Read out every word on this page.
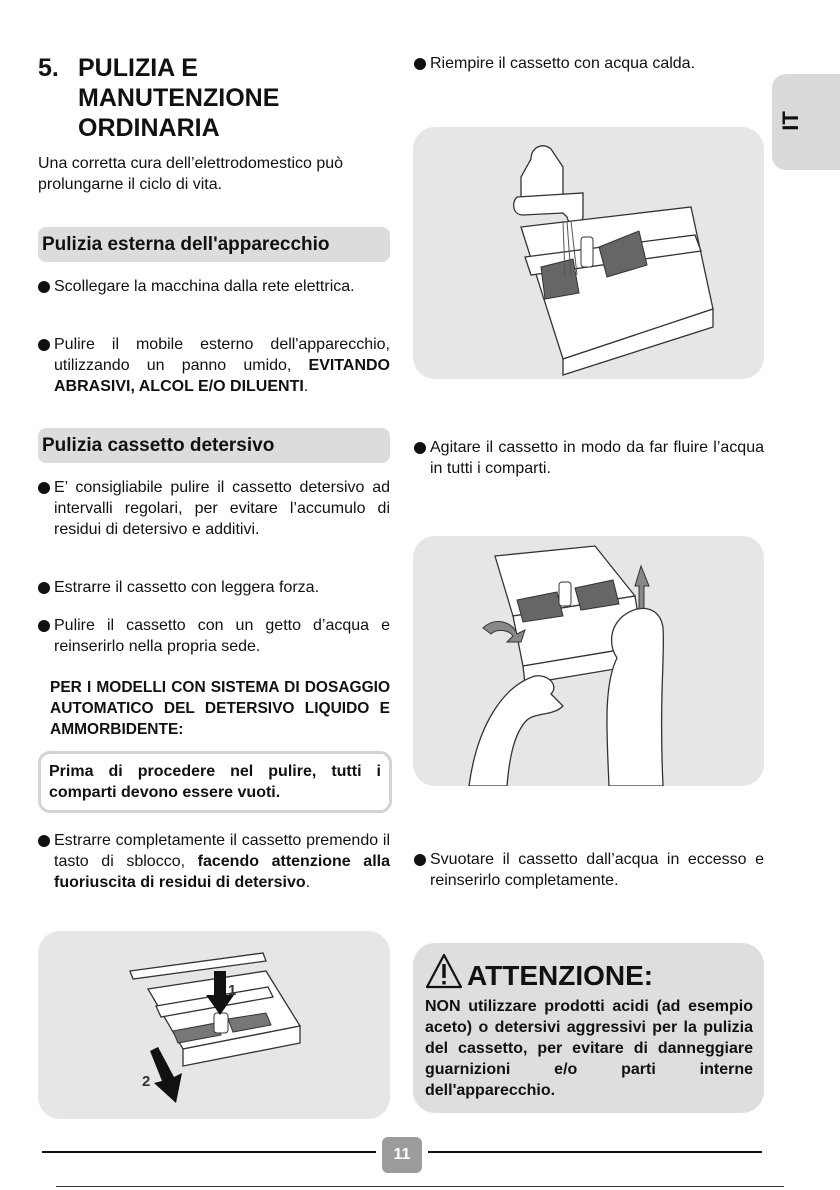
IT
5. PULIZIA E MANUTENZIONE ORDINARIA
Una corretta cura dell’elettrodomestico può prolungarne il ciclo di vita.
Pulizia esterna dell'apparecchio
Scollegare la macchina dalla rete elettrica.
Pulire il mobile esterno dell'apparecchio, utilizzando un panno umido, EVITANDO ABRASIVI, ALCOL E/O DILUENTI.
Pulizia cassetto detersivo
E’ consigliabile pulire il cassetto detersivo ad intervalli regolari, per evitare l’accumulo di residui di detersivo e additivi.
Estrarre il cassetto con leggera forza.
Pulire il cassetto con un getto d’acqua e reinserirlo nella propria sede.
PER I MODELLI CON SISTEMA DI DOSAGGIO AUTOMATICO DEL DETERSIVO LIQUIDO E AMMORBIDENTE:
Prima di procedere nel pulire, tutti i comparti devono essere vuoti.
Estrarre completamente il cassetto premendo il tasto di sblocco, facendo attenzione alla fuoriuscita di residui di detersivo.
1
2
Riempire il cassetto con acqua calda.
Agitare il cassetto in modo da far fluire l’acqua in tutti i comparti.
Svuotare il cassetto dall’acqua in eccesso e reinserirlo completamente.
ATTENZIONE:
NON utilizzare prodotti acidi (ad esempio aceto) o detersivi aggressivi per la pulizia del cassetto, per evitare di danneggiare guarnizioni e/o parti interne dell'apparecchio.
11
